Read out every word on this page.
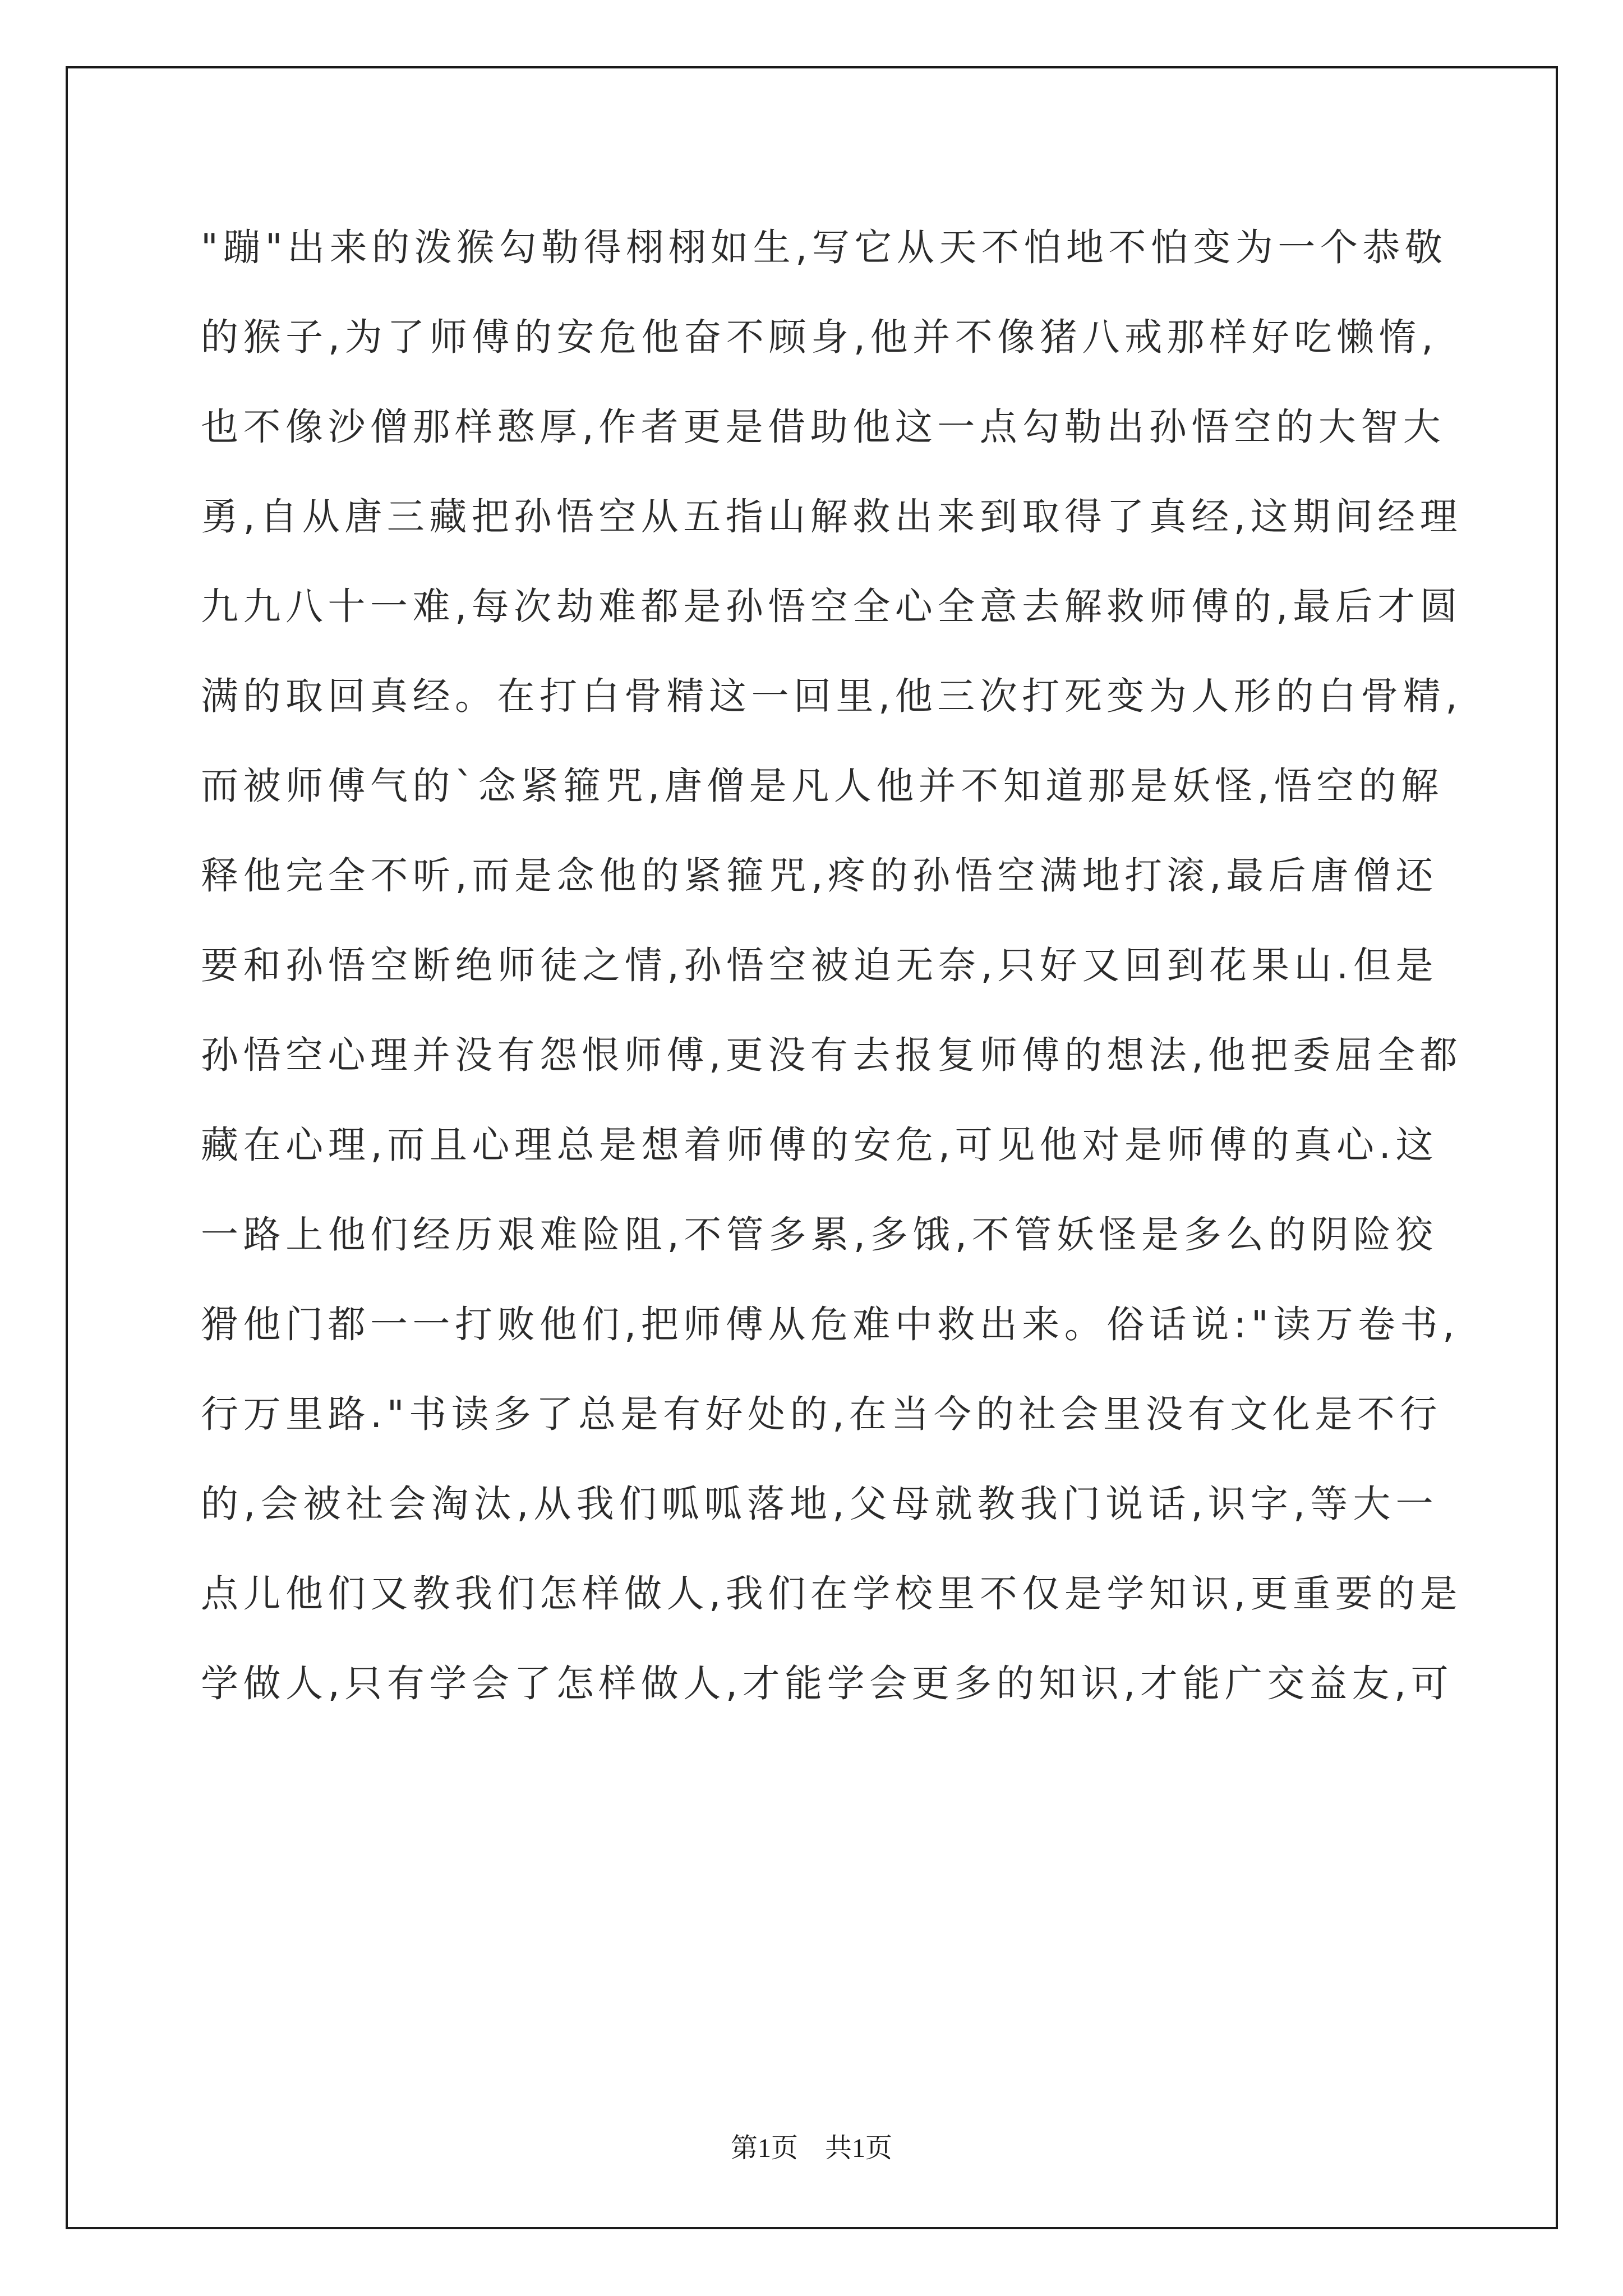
"蹦"出来的泼猴勾勒得栩栩如生,写它从天不怕地不怕变为一个恭敬
的猴子,为了师傅的安危他奋不顾身,他并不像猪八戒那样好吃懒惰,
也不像沙僧那样憨厚,作者更是借助他这一点勾勒出孙悟空的大智大
勇,自从唐三藏把孙悟空从五指山解救出来到取得了真经,这期间经理
九九八十一难,每次劫难都是孙悟空全心全意去解救师傅的,最后才圆
满的取回真经。在打白骨精这一回里,他三次打死变为人形的白骨精,
而被师傅气的`念紧箍咒,唐僧是凡人他并不知道那是妖怪,悟空的解
释他完全不听,而是念他的紧箍咒,疼的孙悟空满地打滚,最后唐僧还
要和孙悟空断绝师徒之情,孙悟空被迫无奈,只好又回到花果山.但是
孙悟空心理并没有怨恨师傅,更没有去报复师傅的想法,他把委屈全都
藏在心理,而且心理总是想着师傅的安危,可见他对是师傅的真心.这
一路上他们经历艰难险阻,不管多累,多饿,不管妖怪是多么的阴险狡
猾他门都一一打败他们,把师傅从危难中救出来。俗话说:"读万卷书,
行万里路."书读多了总是有好处的,在当今的社会里没有文化是不行
的,会被社会淘汰,从我们呱呱落地,父母就教我门说话,识字,等大一
点儿他们又教我们怎样做人,我们在学校里不仅是学知识,更重要的是
学做人,只有学会了怎样做人,才能学会更多的知识,才能广交益友,可
第1页　共1页
